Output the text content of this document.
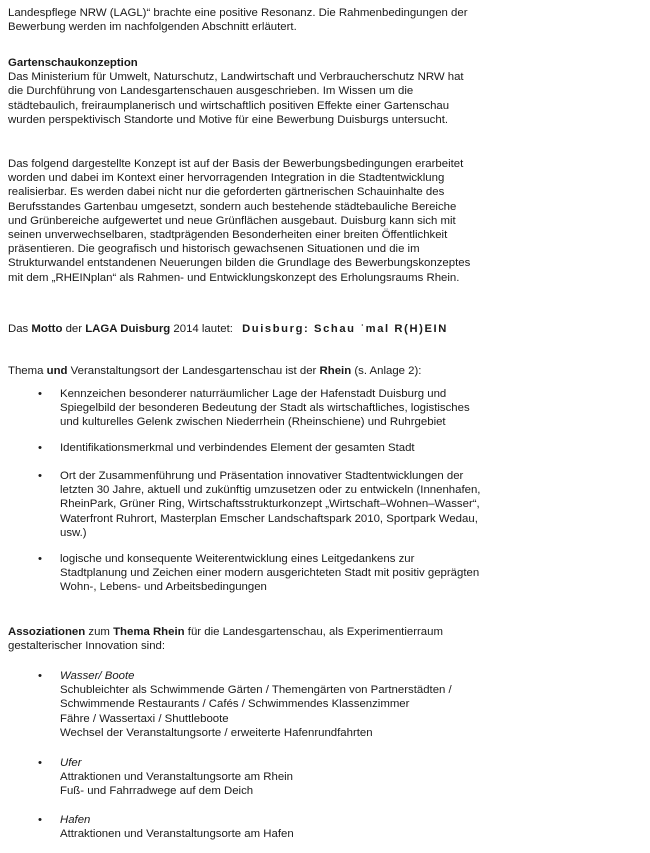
Landespflege NRW (LAGL)“ brachte eine positive Resonanz. Die Rahmenbedingungen der

Bewerbung werden im nachfolgenden Abschnitt erläutert.

Gartenschaukonzeption

Das Ministerium für Umwelt, Naturschutz, Landwirtschaft und Verbraucherschutz NRW hat

die Durchführung von Landesgartenschauen ausgeschrieben. Im Wissen um die

städtebaulich, freiraumplanerisch und wirtschaftlich positiven Effekte einer Gartenschau

wurden perspektivisch Standorte und Motive für eine Bewerbung Duisburgs untersucht.

Das folgend dargestellte Konzept ist auf der Basis der Bewerbungsbedingungen erarbeitet

worden und dabei im Kontext einer hervorragenden Integration in die Stadtentwicklung

realisierbar. Es werden dabei nicht nur die geforderten gärtnerischen Schauinhalte des

Berufsstandes Gartenbau umgesetzt, sondern auch bestehende städtebauliche Bereiche

und Grünbereiche aufgewertet und neue Grünflächen ausgebaut. Duisburg kann sich mit

seinen unverwechselbaren, stadtprägenden Besonderheiten einer breiten Öffentlichkeit

präsentieren. Die geografisch und historisch gewachsenen Situationen und die im

Strukturwandel entstandenen Neuerungen bilden die Grundlage des Bewerbungskonzeptes

mit dem „RHEINplan“ als Rahmen- und Entwicklungskonzept des Erholungsraums Rhein.

Das Motto der LAGA Duisburg 2014 lautet: Duisburg: Schau ˈmal R(H)EIN

Thema und Veranstaltungsort der Landesgartenschau ist der Rhein (s. Anlage 2):

• Kennzeichen besonderer naturräumlicher Lage der Hafenstadt Duisburg und

Spiegelbild der besonderen Bedeutung der Stadt als wirtschaftliches, logistisches

und kulturelles Gelenk zwischen Niederrhein (Rheinschiene) und Ruhrgebiet

• Identifikationsmerkmal und verbindendes Element der gesamten Stadt

• Ort der Zusammenführung und Präsentation innovativer Stadtentwicklungen der

letzten 30 Jahre, aktuell und zukünftig umzusetzen oder zu entwickeln (Innenhafen,

RheinPark, Grüner Ring, Wirtschaftsstrukturkonzept „Wirtschaft–Wohnen–Wasser“,

Waterfront Ruhrort, Masterplan Emscher Landschaftspark 2010, Sportpark Wedau,

usw.)

• logische und konsequente Weiterentwicklung eines Leitgedankens zur

Stadtplanung und Zeichen einer modern ausgerichteten Stadt mit positiv geprägten

Wohn-, Lebens- und Arbeitsbedingungen

Assoziationen zum Thema Rhein für die Landesgartenschau, als Experimentierraum

gestalterischer Innovation sind:

• Wasser/ Boote

Schubleichter als Schwimmende Gärten / Themengärten von Partnerstädten /

Schwimmende Restaurants / Cafés / Schwimmendes Klassenzimmer

Fähre / Wassertaxi / Shuttleboote

Wechsel der Veranstaltungsorte / erweiterte Hafenrundfahrten

• Ufer

Attraktionen und Veranstaltungsorte am Rhein

Fuß- und Fahrradwege auf dem Deich

• Hafen

Attraktionen und Veranstaltungsorte am Hafen
